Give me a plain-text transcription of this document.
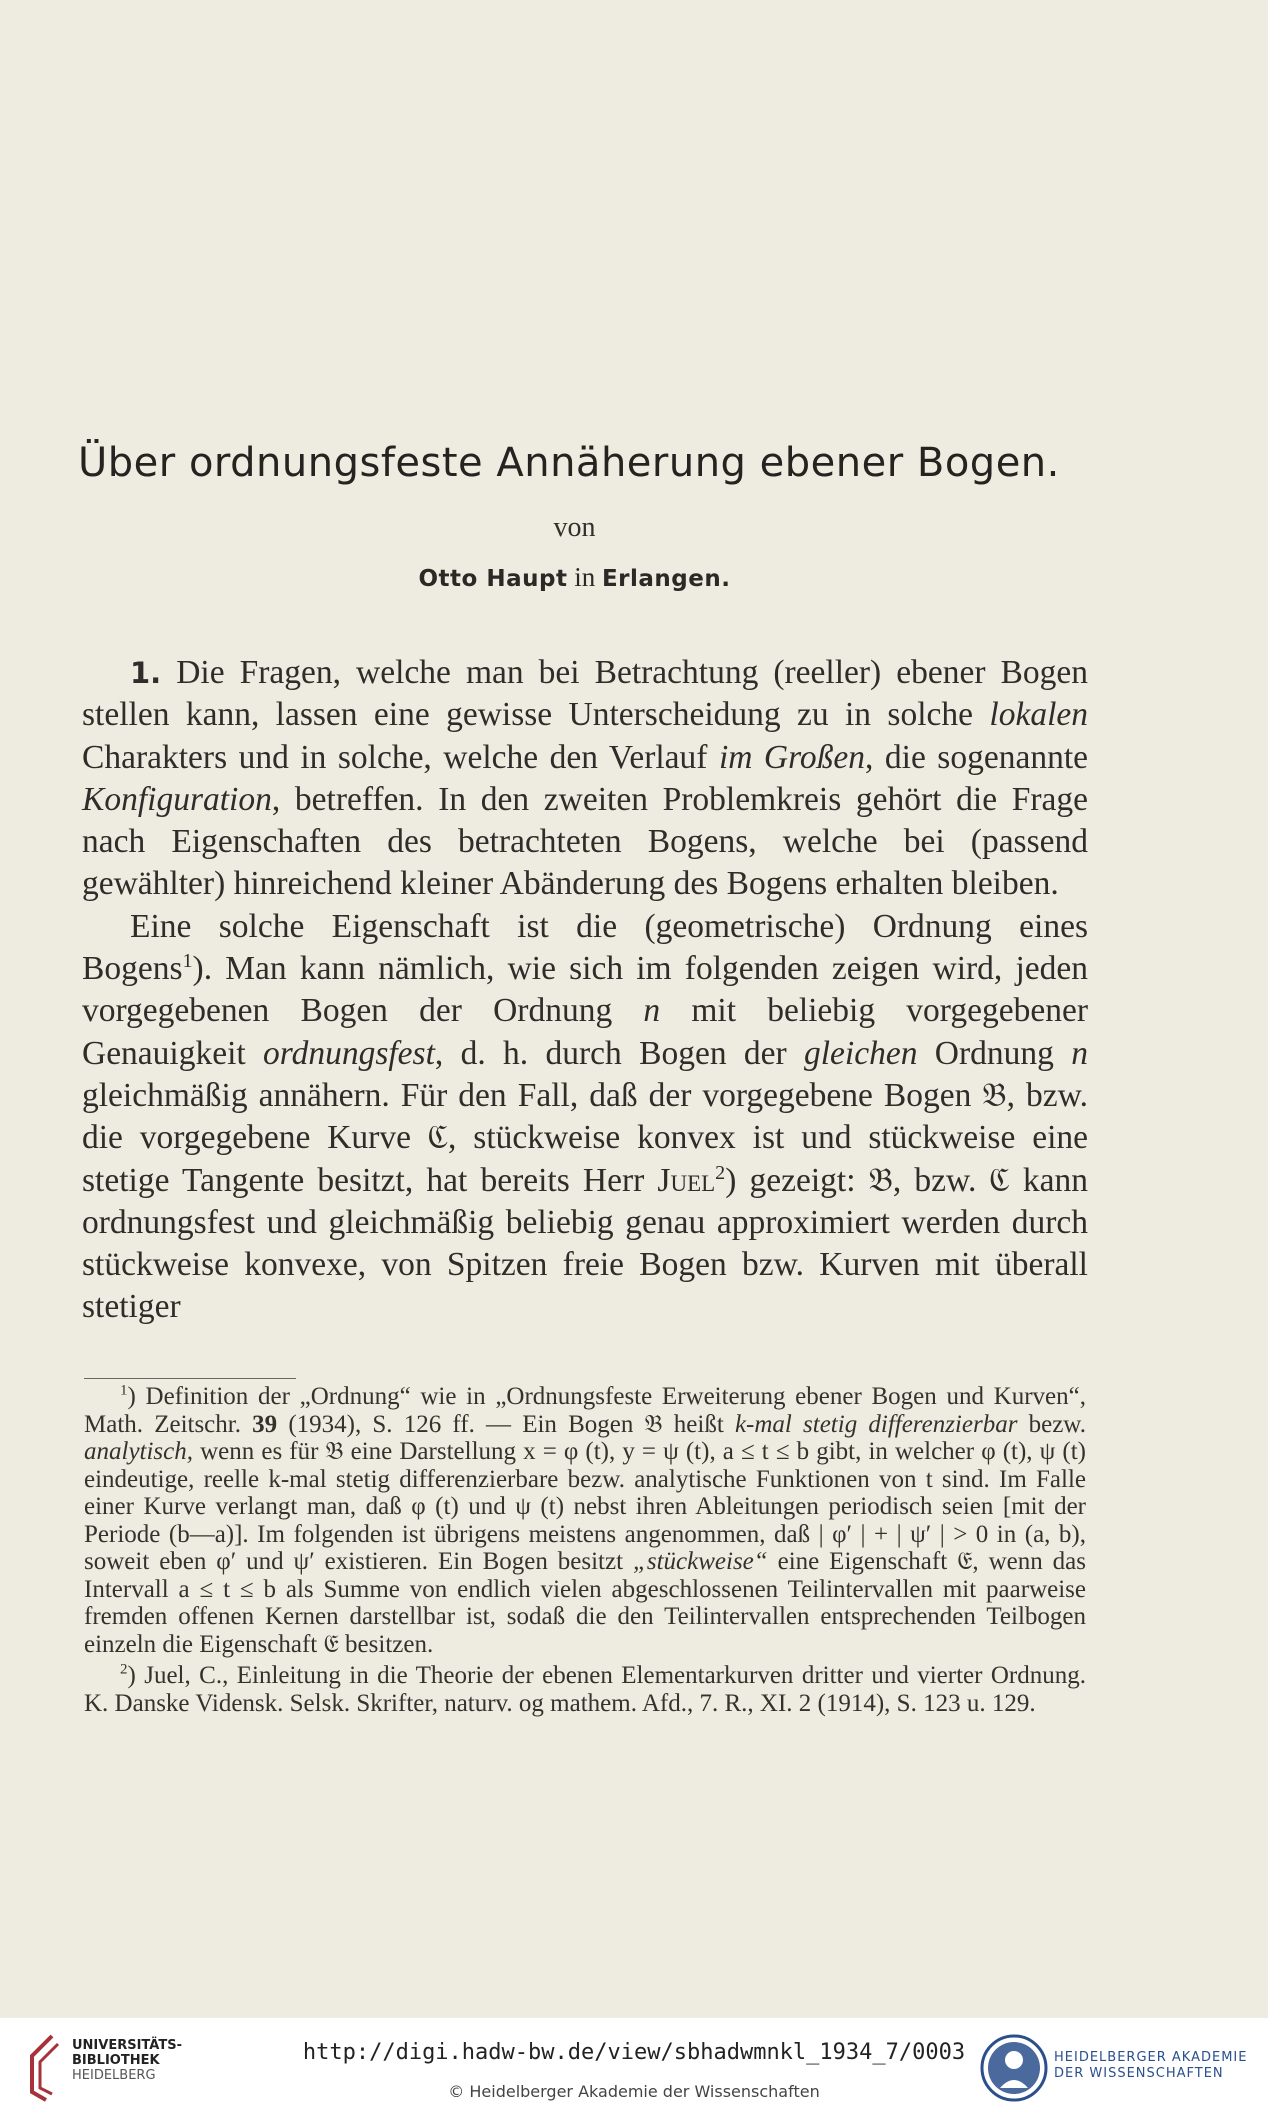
Über ordnungsfeste Annäherung ebener Bogen.
von
Otto Haupt in Erlangen.

1. Die Fragen, welche man bei Betrachtung (reeller) ebener Bogen stellen kann, lassen eine gewisse Unterscheidung zu in solche lokalen Charakters und in solche, welche den Verlauf im Großen, die sogenannte Konfiguration, betreffen. In den zweiten Problemkreis gehört die Frage nach Eigenschaften des betrachteten Bogens, welche bei (passend gewählter) hinreichend kleiner Abänderung des Bogens erhalten bleiben.

Eine solche Eigenschaft ist die (geometrische) Ordnung eines Bogens$^1$). Man kann nämlich, wie sich im folgenden zeigen wird, jeden vorgegebenen Bogen der Ordnung n mit beliebig vorgegebener Genauigkeit ordnungsfest, d. h. durch Bogen der gleichen Ordnung n gleichmäßig annähern. Für den Fall, daß der vorgegebene Bogen 𝔅, bzw. die vorgegebene Kurve ℭ, stückweise konvex ist und stückweise eine stetige Tangente besitzt, hat bereits Herr Juel$^2$) gezeigt: 𝔅, bzw. ℭ kann ordnungsfest und gleichmäßig beliebig genau approximiert werden durch stückweise konvexe, von Spitzen freie Bogen bzw. Kurven mit überall stetiger

$^1$) Definition der „Ordnung“ wie in „Ordnungsfeste Erweiterung ebener Bogen und Kurven“, Math. Zeitschr. 39 (1934), S. 126 ff. — Ein Bogen 𝔅 heißt k-mal stetig differenzierbar bezw. analytisch, wenn es für 𝔅 eine Darstellung x = φ (t), y = ψ (t), a ≤ t ≤ b gibt, in welcher φ (t), ψ (t) eindeutige, reelle k-mal stetig differenzierbare bezw. analytische Funktionen von t sind. Im Falle einer Kurve verlangt man, daß φ (t) und ψ (t) nebst ihren Ableitungen periodisch seien [mit der Periode (b—a)]. Im folgenden ist übrigens meistens angenommen, daß | φ′ | + | ψ′ | > 0 in (a, b), soweit eben φ′ und ψ′ existieren. Ein Bogen besitzt „stückweise“ eine Eigenschaft 𝔈, wenn das Intervall a ≤ t ≤ b als Summe von endlich vielen abgeschlossenen Teilintervallen mit paarweise fremden offenen Kernen darstellbar ist, sodaß die den Teilintervallen entsprechenden Teilbogen einzeln die Eigenschaft 𝔈 besitzen.

$^2$) Juel, C., Einleitung in die Theorie der ebenen Elementarkurven dritter und vierter Ordnung. K. Danske Vidensk. Selsk. Skrifter, naturv. og mathem. Afd., 7. R., XI. 2 (1914), S. 123 u. 129.

UNIVERSITÄTS-
BIBLIOTHEK
HEIDELBERG
http://digi.hadw-bw.de/view/sbhadwmnkl_1934_7/0003
© Heidelberger Akademie der Wissenschaften
HEIDELBERGER AKADEMIE
DER WISSENSCHAFTEN
